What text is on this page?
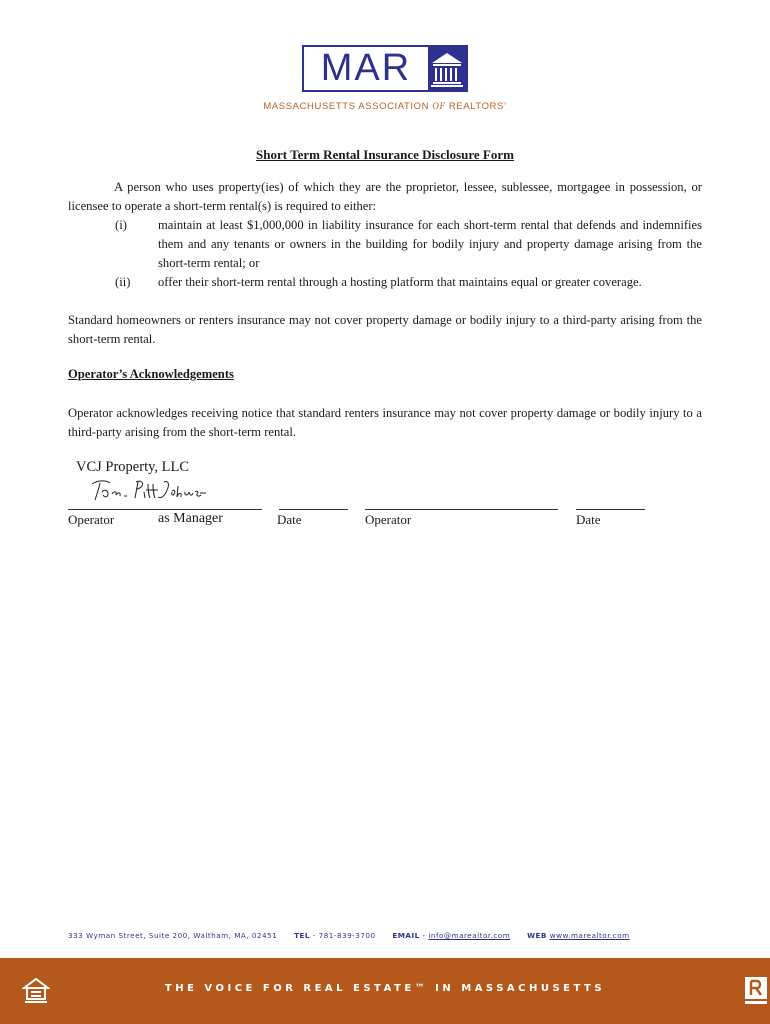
MAR
MASSACHUSETTS ASSOCIATION OF REALTORS’
Short Term Rental Insurance Disclosure Form
A person who uses property(ies) of which they are the proprietor, lessee, sublessee, mortgagee in possession, or licensee to operate a short-term rental(s) is required to either:
(i) maintain at least $1,000,000 in liability insurance for each short-term rental that defends and indemnifies them and any tenants or owners in the building for bodily injury and property damage arising from the short-term rental; or
(ii) offer their short-term rental through a hosting platform that maintains equal or greater coverage.
Standard homeowners or renters insurance may not cover property damage or bodily injury to a third-party arising from the short-term rental.
Operator’s Acknowledgements
Operator acknowledges receiving notice that standard renters insurance may not cover property damage or bodily injury to a third-party arising from the short-term rental.
VCJ Property, LLC
Operator	as Manager	Date	Operator	Date
333 Wyman Street, Suite 200, Waltham, MA, 02451 TEL - 781-839-3700 EMAIL - info@marealtor.com WEB www.marealtor.com
THE VOICE FOR REAL ESTATE™ IN MASSACHUSETTS
